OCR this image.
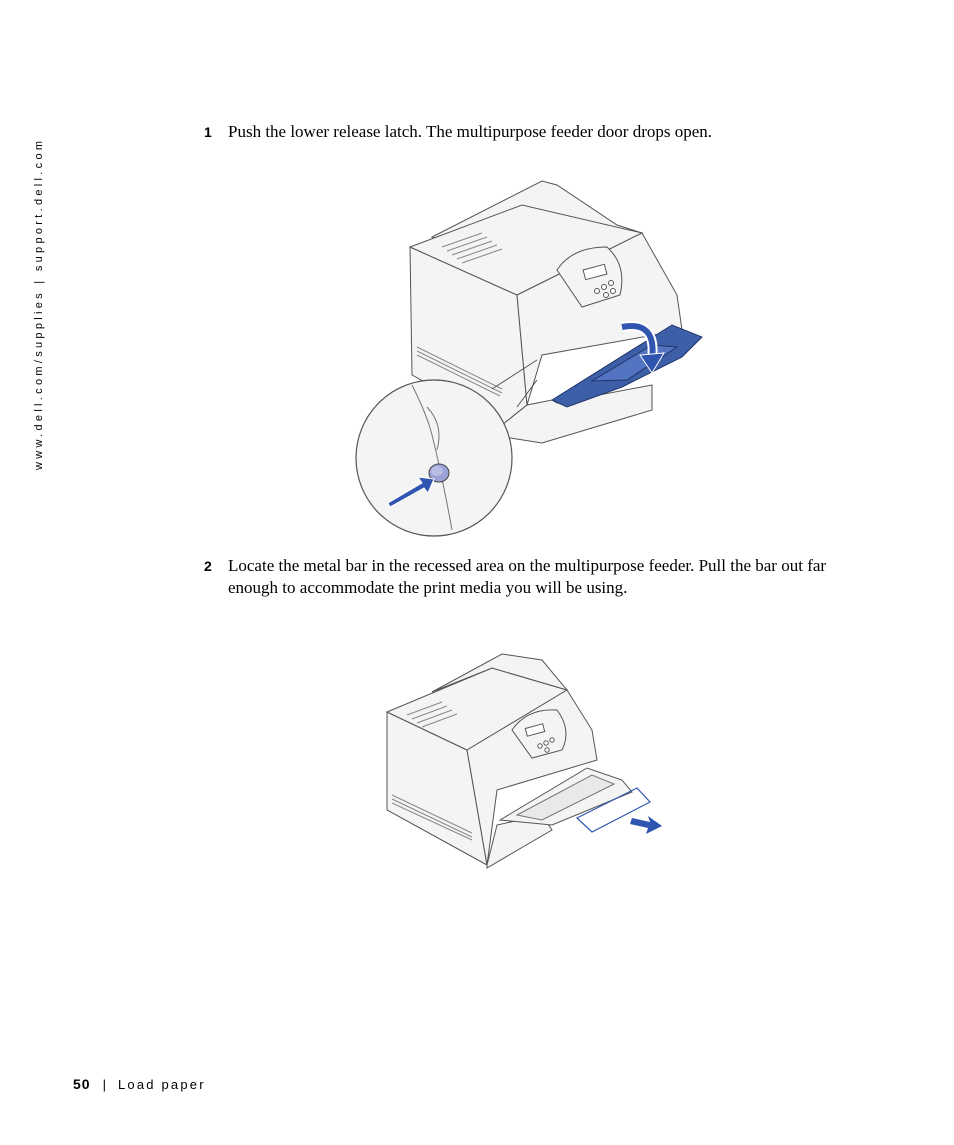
www.dell.com/supplies | support.dell.com
1 Push the lower release latch. The multipurpose feeder door drops open.
2 Locate the metal bar in the recessed area on the multipurpose feeder. Pull the bar out far enough to accommodate the print media you will be using.
50 | Load paper
